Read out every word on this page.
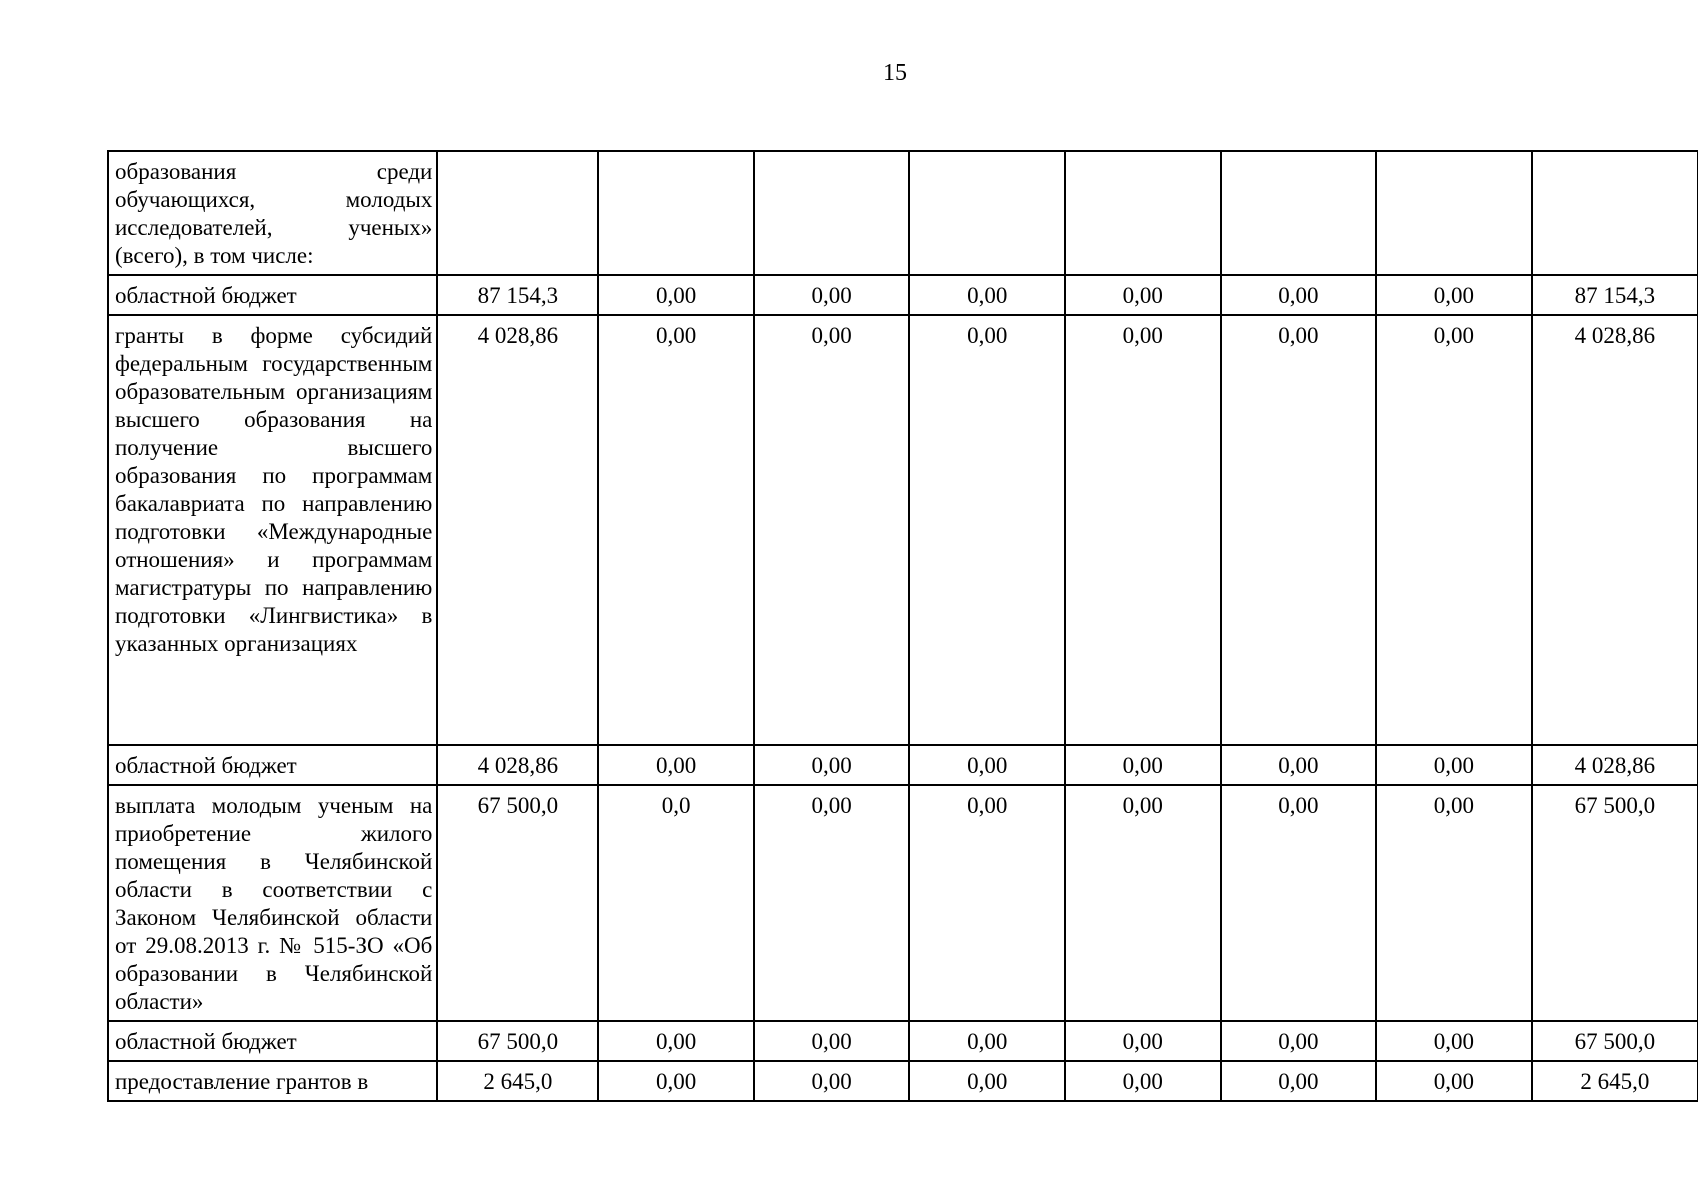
15
образования среди обучающихся, молодых исследователей, ученых» (всего), в том числе:								
областной бюджет	87 154,3	0,00	0,00	0,00	0,00	0,00	0,00	87 154,3
гранты в форме субсидий федеральным государственным образовательным организациям высшего образования на получение высшего образования по программам бакалавриата по направлению подготовки «Международные отношения» и программам магистратуры по направлению подготовки «Лингвистика» в указанных организациях	4 028,86	0,00	0,00	0,00	0,00	0,00	0,00	4 028,86
областной бюджет	4 028,86	0,00	0,00	0,00	0,00	0,00	0,00	4 028,86
выплата молодым ученым на приобретение жилого помещения в Челябинской области в соответствии с Законом Челябинской области от 29.08.2013 г. № 515-ЗО «Об образовании в Челябинской области»	67 500,0	0,0	0,00	0,00	0,00	0,00	0,00	67 500,0
областной бюджет	67 500,0	0,00	0,00	0,00	0,00	0,00	0,00	67 500,0
предоставление грантов в	2 645,0	0,00	0,00	0,00	0,00	0,00	0,00	2 645,0
